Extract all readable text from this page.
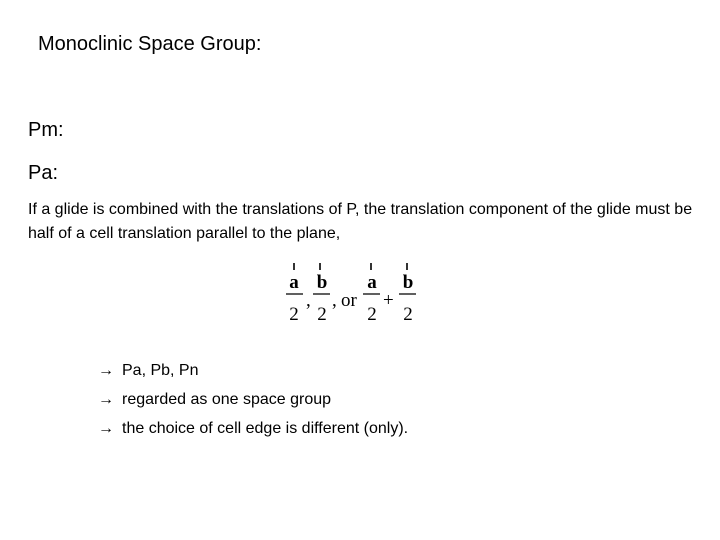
Monoclinic Space Group:
Pm:
Pa:
If a glide is combined with the translations of P, the translation component of the glide must be half of a cell translation parallel to the plane,
a b a b
2 2 2 2
, , or +
→ Pa, Pb, Pn
→ regarded as one space group
→ the choice of cell edge is different (only).
